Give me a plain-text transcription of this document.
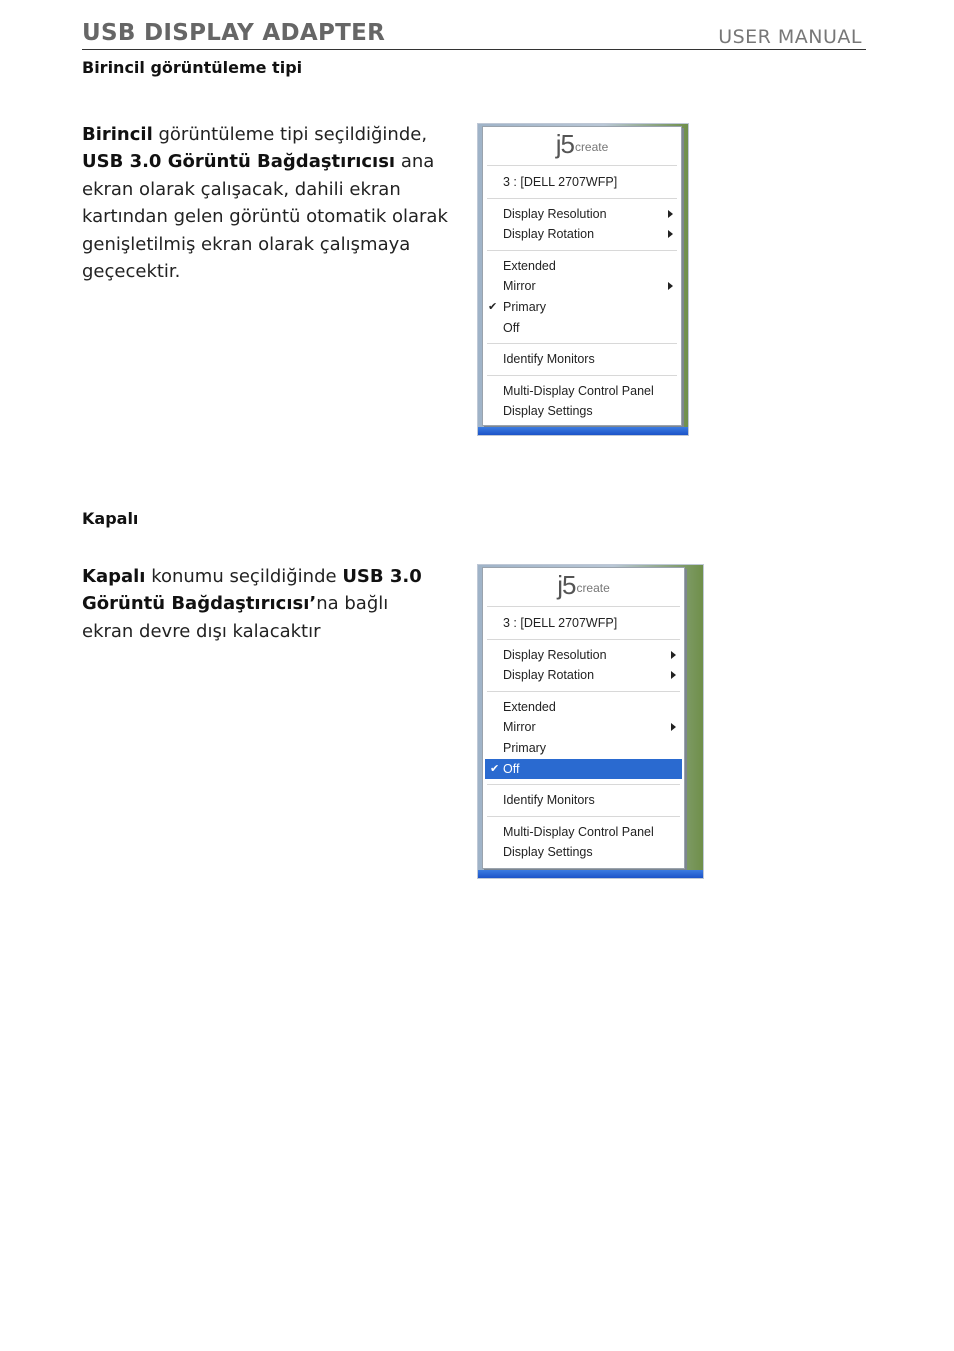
USB DISPLAY ADAPTER	USER MANUAL
Birincil görüntüleme tipi
Birincil görüntüleme tipi seçildiğinde, USB 3.0 Görüntü Bağdaştırıcısı ana ekran olarak çalışacak, dahili ekran kartından gelen görüntü otomatik olarak genişletilmiş ekran olarak çalışmaya geçecektir.
j5create
3 : [DELL 2707WFP]
Display Resolution
Display Rotation
Extended
Mirror
✔ Primary
Off
Identify Monitors
Multi-Display Control Panel
Display Settings
Kapalı
Kapalı konumu seçildiğinde USB 3.0 Görüntü Bağdaştırıcısı’na bağlı ekran devre dışı kalacaktır
j5create
3 : [DELL 2707WFP]
Display Resolution
Display Rotation
Extended
Mirror
Primary
✔ Off
Identify Monitors
Multi-Display Control Panel
Display Settings
